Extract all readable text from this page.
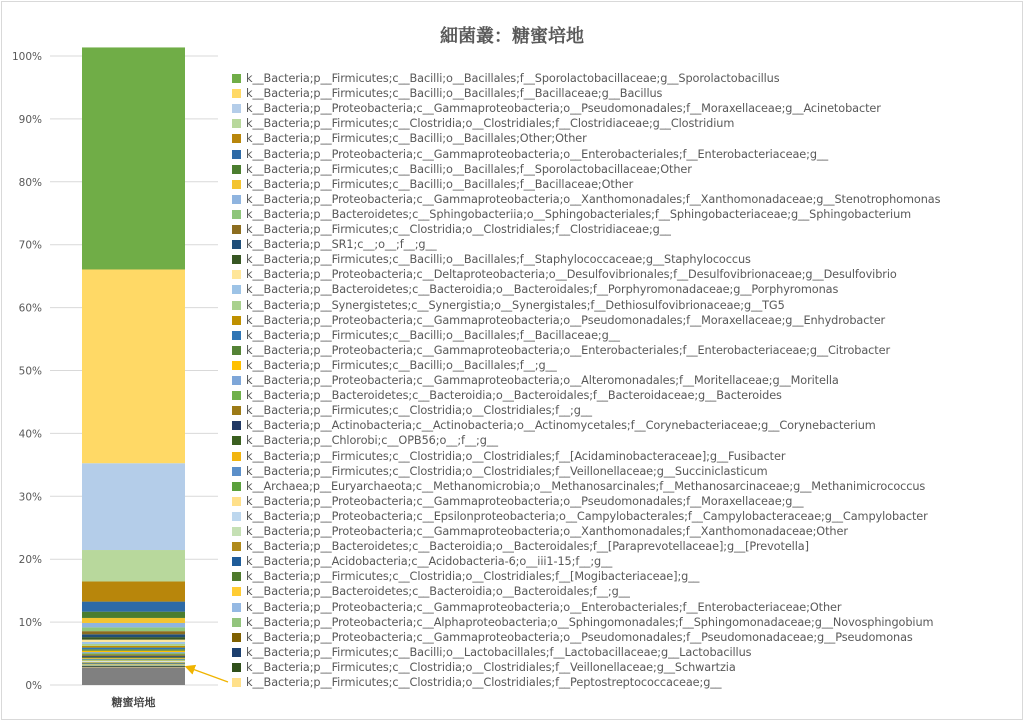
細菌叢：糖蜜培地
0%
10%
20%
30%
40%
50%
60%
70%
80%
90%
100%
糖蜜培地
k__Bacteria;p__Firmicutes;c__Bacilli;o__Bacillales;f__Sporolactobacillaceae;g__Sporolactobacillus
k__Bacteria;p__Firmicutes;c__Bacilli;o__Bacillales;f__Bacillaceae;g__Bacillus
k__Bacteria;p__Proteobacteria;c__Gammaproteobacteria;o__Pseudomonadales;f__Moraxellaceae;g__Acinetobacter
k__Bacteria;p__Firmicutes;c__Clostridia;o__Clostridiales;f__Clostridiaceae;g__Clostridium
k__Bacteria;p__Firmicutes;c__Bacilli;o__Bacillales;Other;Other
k__Bacteria;p__Proteobacteria;c__Gammaproteobacteria;o__Enterobacteriales;f__Enterobacteriaceae;g__
k__Bacteria;p__Firmicutes;c__Bacilli;o__Bacillales;f__Sporolactobacillaceae;Other
k__Bacteria;p__Firmicutes;c__Bacilli;o__Bacillales;f__Bacillaceae;Other
k__Bacteria;p__Proteobacteria;c__Gammaproteobacteria;o__Xanthomonadales;f__Xanthomonadaceae;g__Stenotrophomonas
k__Bacteria;p__Bacteroidetes;c__Sphingobacteriia;o__Sphingobacteriales;f__Sphingobacteriaceae;g__Sphingobacterium
k__Bacteria;p__Firmicutes;c__Clostridia;o__Clostridiales;f__Clostridiaceae;g__
k__Bacteria;p__SR1;c__;o__;f__;g__
k__Bacteria;p__Firmicutes;c__Bacilli;o__Bacillales;f__Staphylococcaceae;g__Staphylococcus
k__Bacteria;p__Proteobacteria;c__Deltaproteobacteria;o__Desulfovibrionales;f__Desulfovibrionaceae;g__Desulfovibrio
k__Bacteria;p__Bacteroidetes;c__Bacteroidia;o__Bacteroidales;f__Porphyromonadaceae;g__Porphyromonas
k__Bacteria;p__Synergistetes;c__Synergistia;o__Synergistales;f__Dethiosulfovibrionaceae;g__TG5
k__Bacteria;p__Proteobacteria;c__Gammaproteobacteria;o__Pseudomonadales;f__Moraxellaceae;g__Enhydrobacter
k__Bacteria;p__Firmicutes;c__Bacilli;o__Bacillales;f__Bacillaceae;g__
k__Bacteria;p__Proteobacteria;c__Gammaproteobacteria;o__Enterobacteriales;f__Enterobacteriaceae;g__Citrobacter
k__Bacteria;p__Firmicutes;c__Bacilli;o__Bacillales;f__;g__
k__Bacteria;p__Proteobacteria;c__Gammaproteobacteria;o__Alteromonadales;f__Moritellaceae;g__Moritella
k__Bacteria;p__Bacteroidetes;c__Bacteroidia;o__Bacteroidales;f__Bacteroidaceae;g__Bacteroides
k__Bacteria;p__Firmicutes;c__Clostridia;o__Clostridiales;f__;g__
k__Bacteria;p__Actinobacteria;c__Actinobacteria;o__Actinomycetales;f__Corynebacteriaceae;g__Corynebacterium
k__Bacteria;p__Chlorobi;c__OPB56;o__;f__;g__
k__Bacteria;p__Firmicutes;c__Clostridia;o__Clostridiales;f__[Acidaminobacteraceae];g__Fusibacter
k__Bacteria;p__Firmicutes;c__Clostridia;o__Clostridiales;f__Veillonellaceae;g__Succiniclasticum
k__Archaea;p__Euryarchaeota;c__Methanomicrobia;o__Methanosarcinales;f__Methanosarcinaceae;g__Methanimicrococcus
k__Bacteria;p__Proteobacteria;c__Gammaproteobacteria;o__Pseudomonadales;f__Moraxellaceae;g__
k__Bacteria;p__Proteobacteria;c__Epsilonproteobacteria;o__Campylobacterales;f__Campylobacteraceae;g__Campylobacter
k__Bacteria;p__Proteobacteria;c__Gammaproteobacteria;o__Xanthomonadales;f__Xanthomonadaceae;Other
k__Bacteria;p__Bacteroidetes;c__Bacteroidia;o__Bacteroidales;f__[Paraprevotellaceae];g__[Prevotella]
k__Bacteria;p__Acidobacteria;c__Acidobacteria-6;o__iii1-15;f__;g__
k__Bacteria;p__Firmicutes;c__Clostridia;o__Clostridiales;f__[Mogibacteriaceae];g__
k__Bacteria;p__Bacteroidetes;c__Bacteroidia;o__Bacteroidales;f__;g__
k__Bacteria;p__Proteobacteria;c__Gammaproteobacteria;o__Enterobacteriales;f__Enterobacteriaceae;Other
k__Bacteria;p__Proteobacteria;c__Alphaproteobacteria;o__Sphingomonadales;f__Sphingomonadaceae;g__Novosphingobium
k__Bacteria;p__Proteobacteria;c__Gammaproteobacteria;o__Pseudomonadales;f__Pseudomonadaceae;g__Pseudomonas
k__Bacteria;p__Firmicutes;c__Bacilli;o__Lactobacillales;f__Lactobacillaceae;g__Lactobacillus
k__Bacteria;p__Firmicutes;c__Clostridia;o__Clostridiales;f__Veillonellaceae;g__Schwartzia
k__Bacteria;p__Firmicutes;c__Clostridia;o__Clostridiales;f__Peptostreptococcaceae;g__
